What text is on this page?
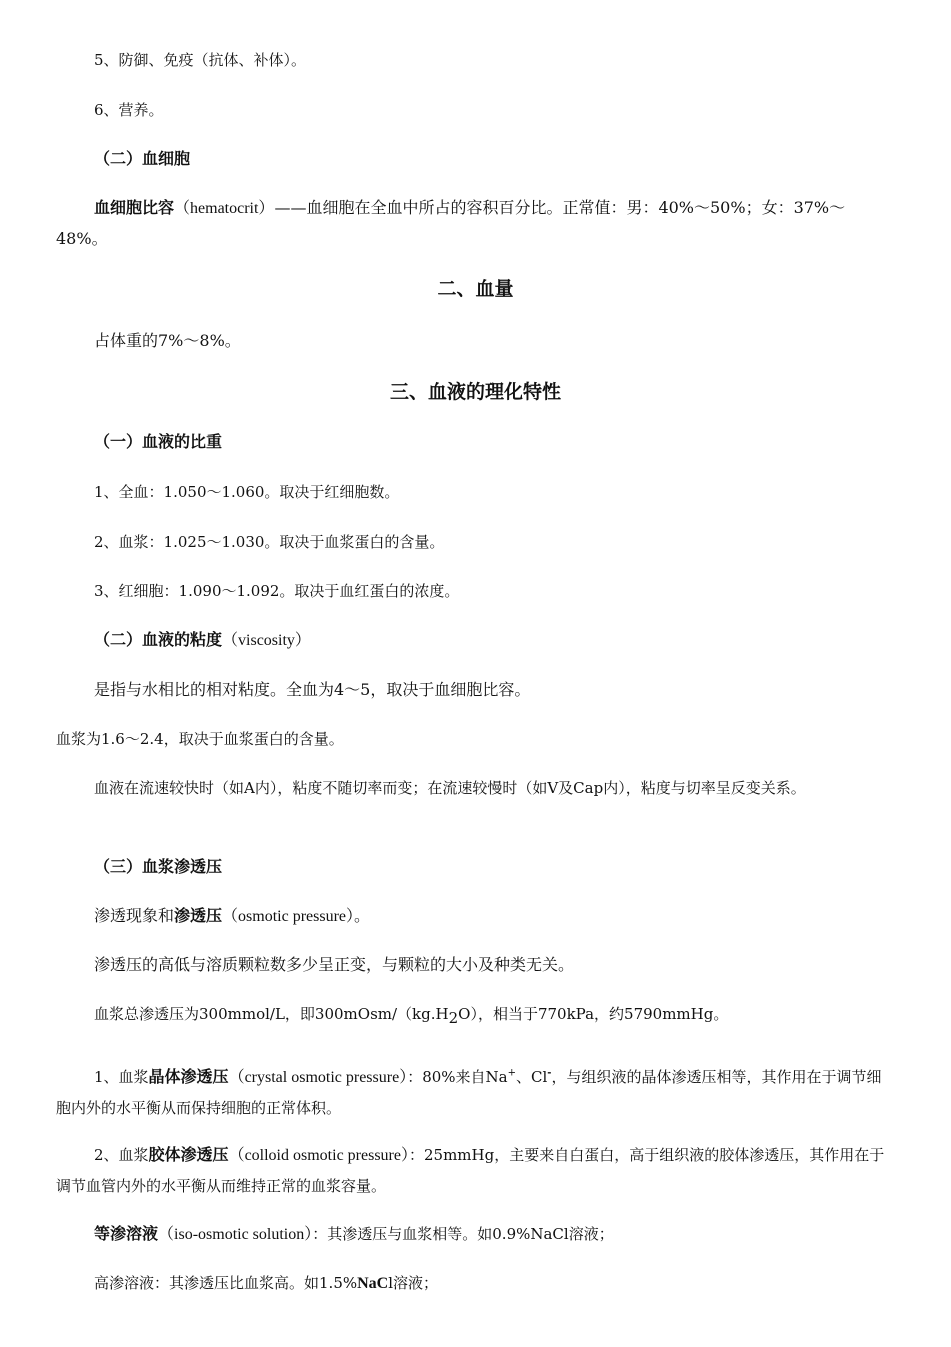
5、防御、免疫（抗体、补体）。
6、营养。
（二）血细胞
血细胞比容（hematocrit）——血细胞在全血中所占的容积百分比。正常值：男：40%～50%；女：37%～48%。
二、血量
占体重的7%～8%。
三、血液的理化特性
（一）血液的比重
1、全血：1.050～1.060。取决于红细胞数。
2、血浆：1.025～1.030。取决于血浆蛋白的含量。
3、红细胞：1.090～1.092。取决于血红蛋白的浓度。
（二）血液的粘度（viscosity）
是指与水相比的相对粘度。全血为4～5，取决于血细胞比容。
血浆为1.6～2.4，取决于血浆蛋白的含量。
血液在流速较快时（如A内），粘度不随切率而变；在流速较慢时（如V及Cap内），粘度与切率呈反变关系。
（三）血浆渗透压
渗透现象和渗透压（osmotic pressure）。
渗透压的高低与溶质颗粒数多少呈正变，与颗粒的大小及种类无关。
血浆总渗透压为300mmol/L，即$300mOsm/(kg.H_2O)$，相当于770kPa，约5790mmHg。
1、血浆晶体渗透压（crystal osmotic pressure）：80%来自Na+、Cl-，与组织液的晶体渗透压相等，其作用在于调节细胞内外的水平衡从而保持细胞的正常体积。
2、血浆胶体渗透压（colloid osmotic pressure）：25mmHg，主要来自白蛋白，高于组织液的胶体渗透压，其作用在于调节血管内外的水平衡从而维持正常的血浆容量。
等渗溶液（iso-osmotic solution）：其渗透压与血浆相等。如0.9%NaCl溶液；
高渗溶液：其渗透压比血浆高。如1.5%NaCl溶液；
